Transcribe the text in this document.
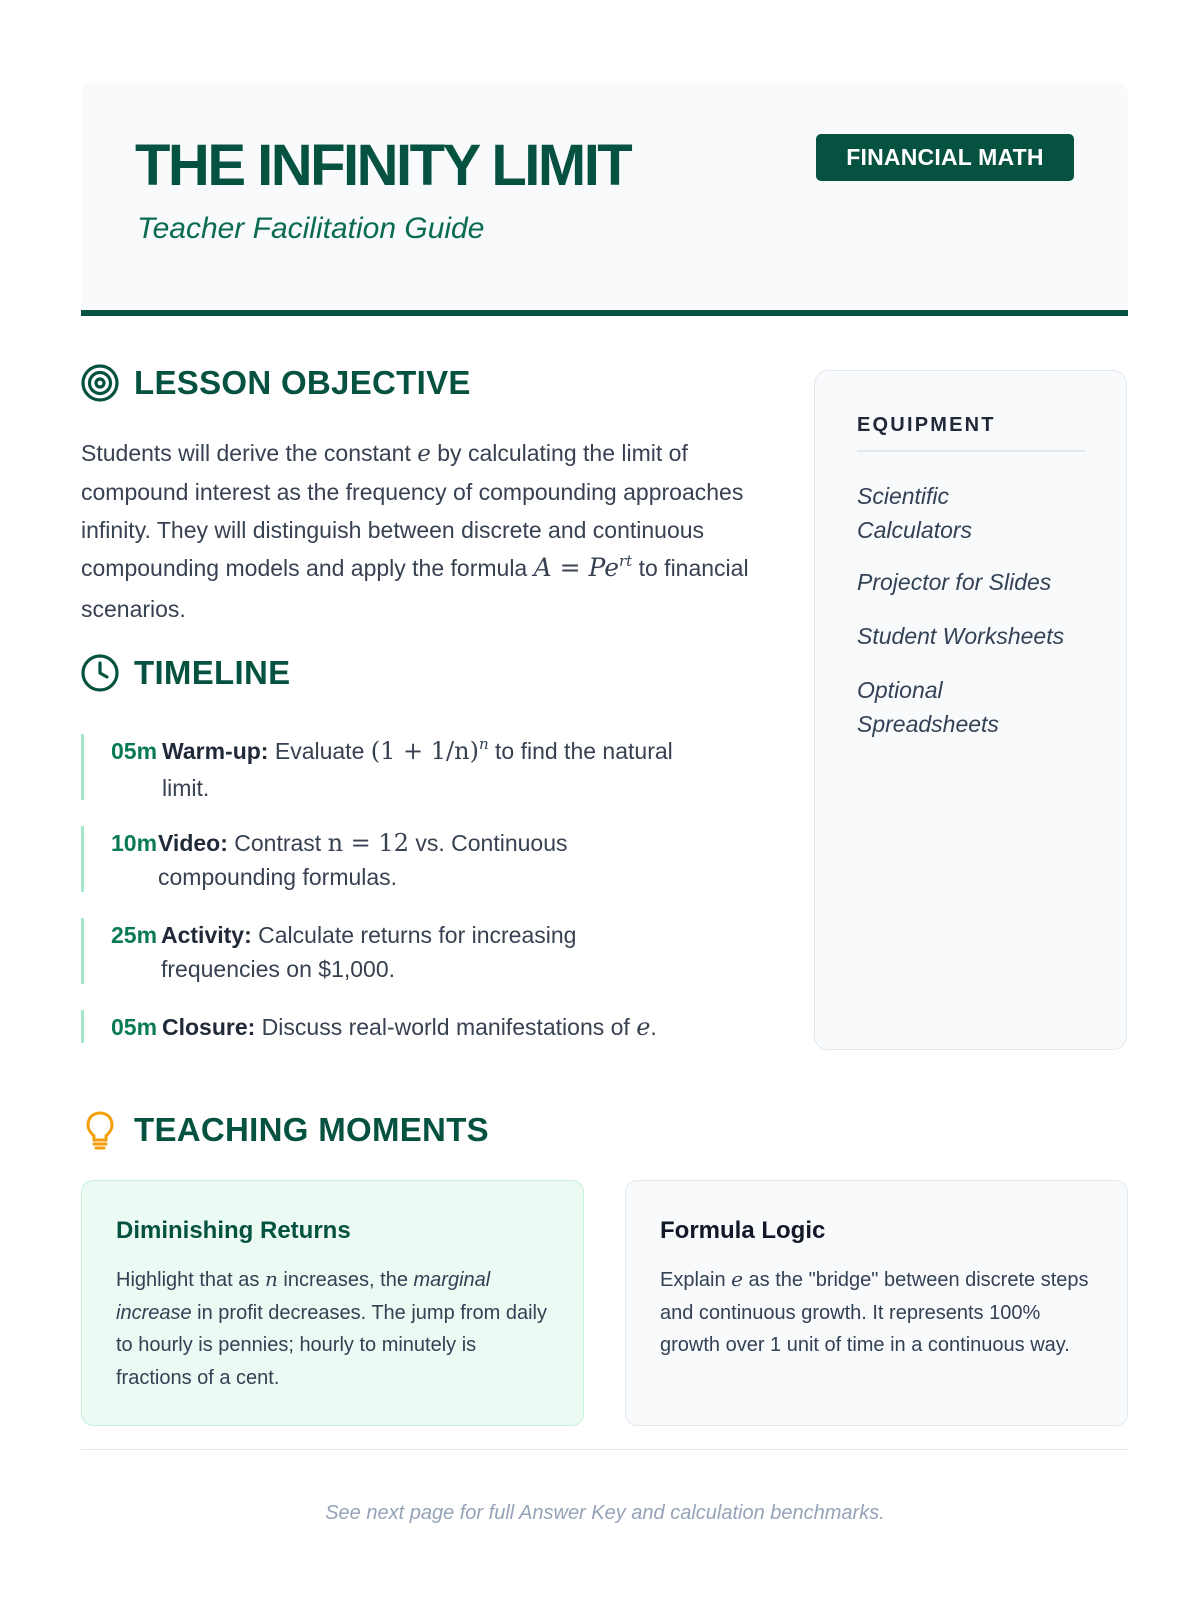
THE INFINITY LIMIT
Teacher Facilitation Guide
FINANCIAL MATH
LESSON OBJECTIVE
Students will derive the constant e by calculating the limit of compound interest as the frequency of compounding approaches infinity. They will distinguish between discrete and continuous compounding models and apply the formula $A = Pe^{rt}$ to financial scenarios.
TIMELINE
05m Warm-up: Evaluate $(1 + 1/n)^n$ to find the natural limit.
10m Video: Contrast n = 12 vs. Continuous compounding formulas.
25m Activity: Calculate returns for increasing frequencies on $1,000.
05m Closure: Discuss real-world manifestations of e.
EQUIPMENT
Scientific Calculators
Projector for Slides
Student Worksheets
Optional Spreadsheets
TEACHING MOMENTS
Diminishing Returns

Highlight that as n increases, the marginal increase in profit decreases. The jump from daily to hourly is pennies; hourly to minutely is fractions of a cent.

Formula Logic

Explain e as the "bridge" between discrete steps and continuous growth. It represents 100% growth over 1 unit of time in a continuous way.

See next page for full Answer Key and calculation benchmarks.
